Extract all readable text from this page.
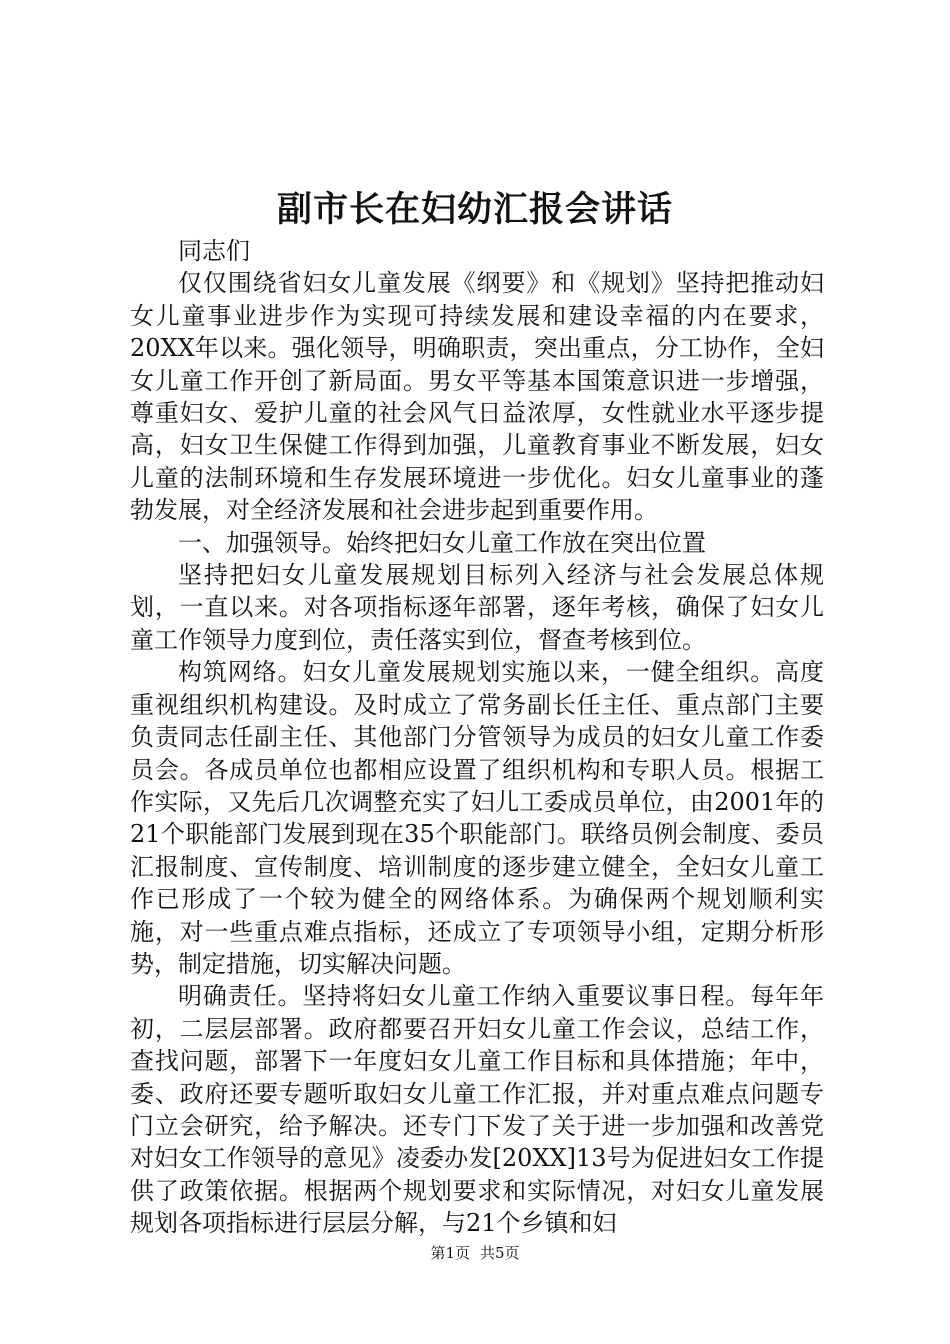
副市长在妇幼汇报会讲话

同志们

仅仅围绕省妇女儿童发展《纲要》和《规划》坚持把推动妇女儿童事业进步作为实现可持续发展和建设幸福的内在要求，20XX年以来。强化领导，明确职责，突出重点，分工协作，全妇女儿童工作开创了新局面。男女平等基本国策意识进一步增强，尊重妇女、爱护儿童的社会风气日益浓厚，女性就业水平逐步提高，妇女卫生保健工作得到加强，儿童教育事业不断发展，妇女儿童的法制环境和生存发展环境进一步优化。妇女儿童事业的蓬勃发展，对全经济发展和社会进步起到重要作用。

一、加强领导。始终把妇女儿童工作放在突出位置

坚持把妇女儿童发展规划目标列入经济与社会发展总体规划，一直以来。对各项指标逐年部署，逐年考核，确保了妇女儿童工作领导力度到位，责任落实到位，督查考核到位。

构筑网络。妇女儿童发展规划实施以来，一健全组织。高度重视组织机构建设。及时成立了常务副长任主任、重点部门主要负责同志任副主任、其他部门分管领导为成员的妇女儿童工作委员会。各成员单位也都相应设置了组织机构和专职人员。根据工作实际，又先后几次调整充实了妇儿工委成员单位，由2001年的21个职能部门发展到现在35个职能部门。联络员例会制度、委员汇报制度、宣传制度、培训制度的逐步建立健全，全妇女儿童工作已形成了一个较为健全的网络体系。为确保两个规划顺利实施，对一些重点难点指标，还成立了专项领导小组，定期分析形势，制定措施，切实解决问题。

明确责任。坚持将妇女儿童工作纳入重要议事日程。每年年初，二层层部署。政府都要召开妇女儿童工作会议，总结工作，查找问题，部署下一年度妇女儿童工作目标和具体措施；年中，委、政府还要专题听取妇女儿童工作汇报，并对重点难点问题专门立会研究，给予解决。还专门下发了关于进一步加强和改善党对妇女工作领导的意见》凌委办发[20XX]13号为促进妇女工作提供了政策依据。根据两个规划要求和实际情况，对妇女儿童发展规划各项指标进行层层分解，与21个乡镇和妇

第1页 共5页
